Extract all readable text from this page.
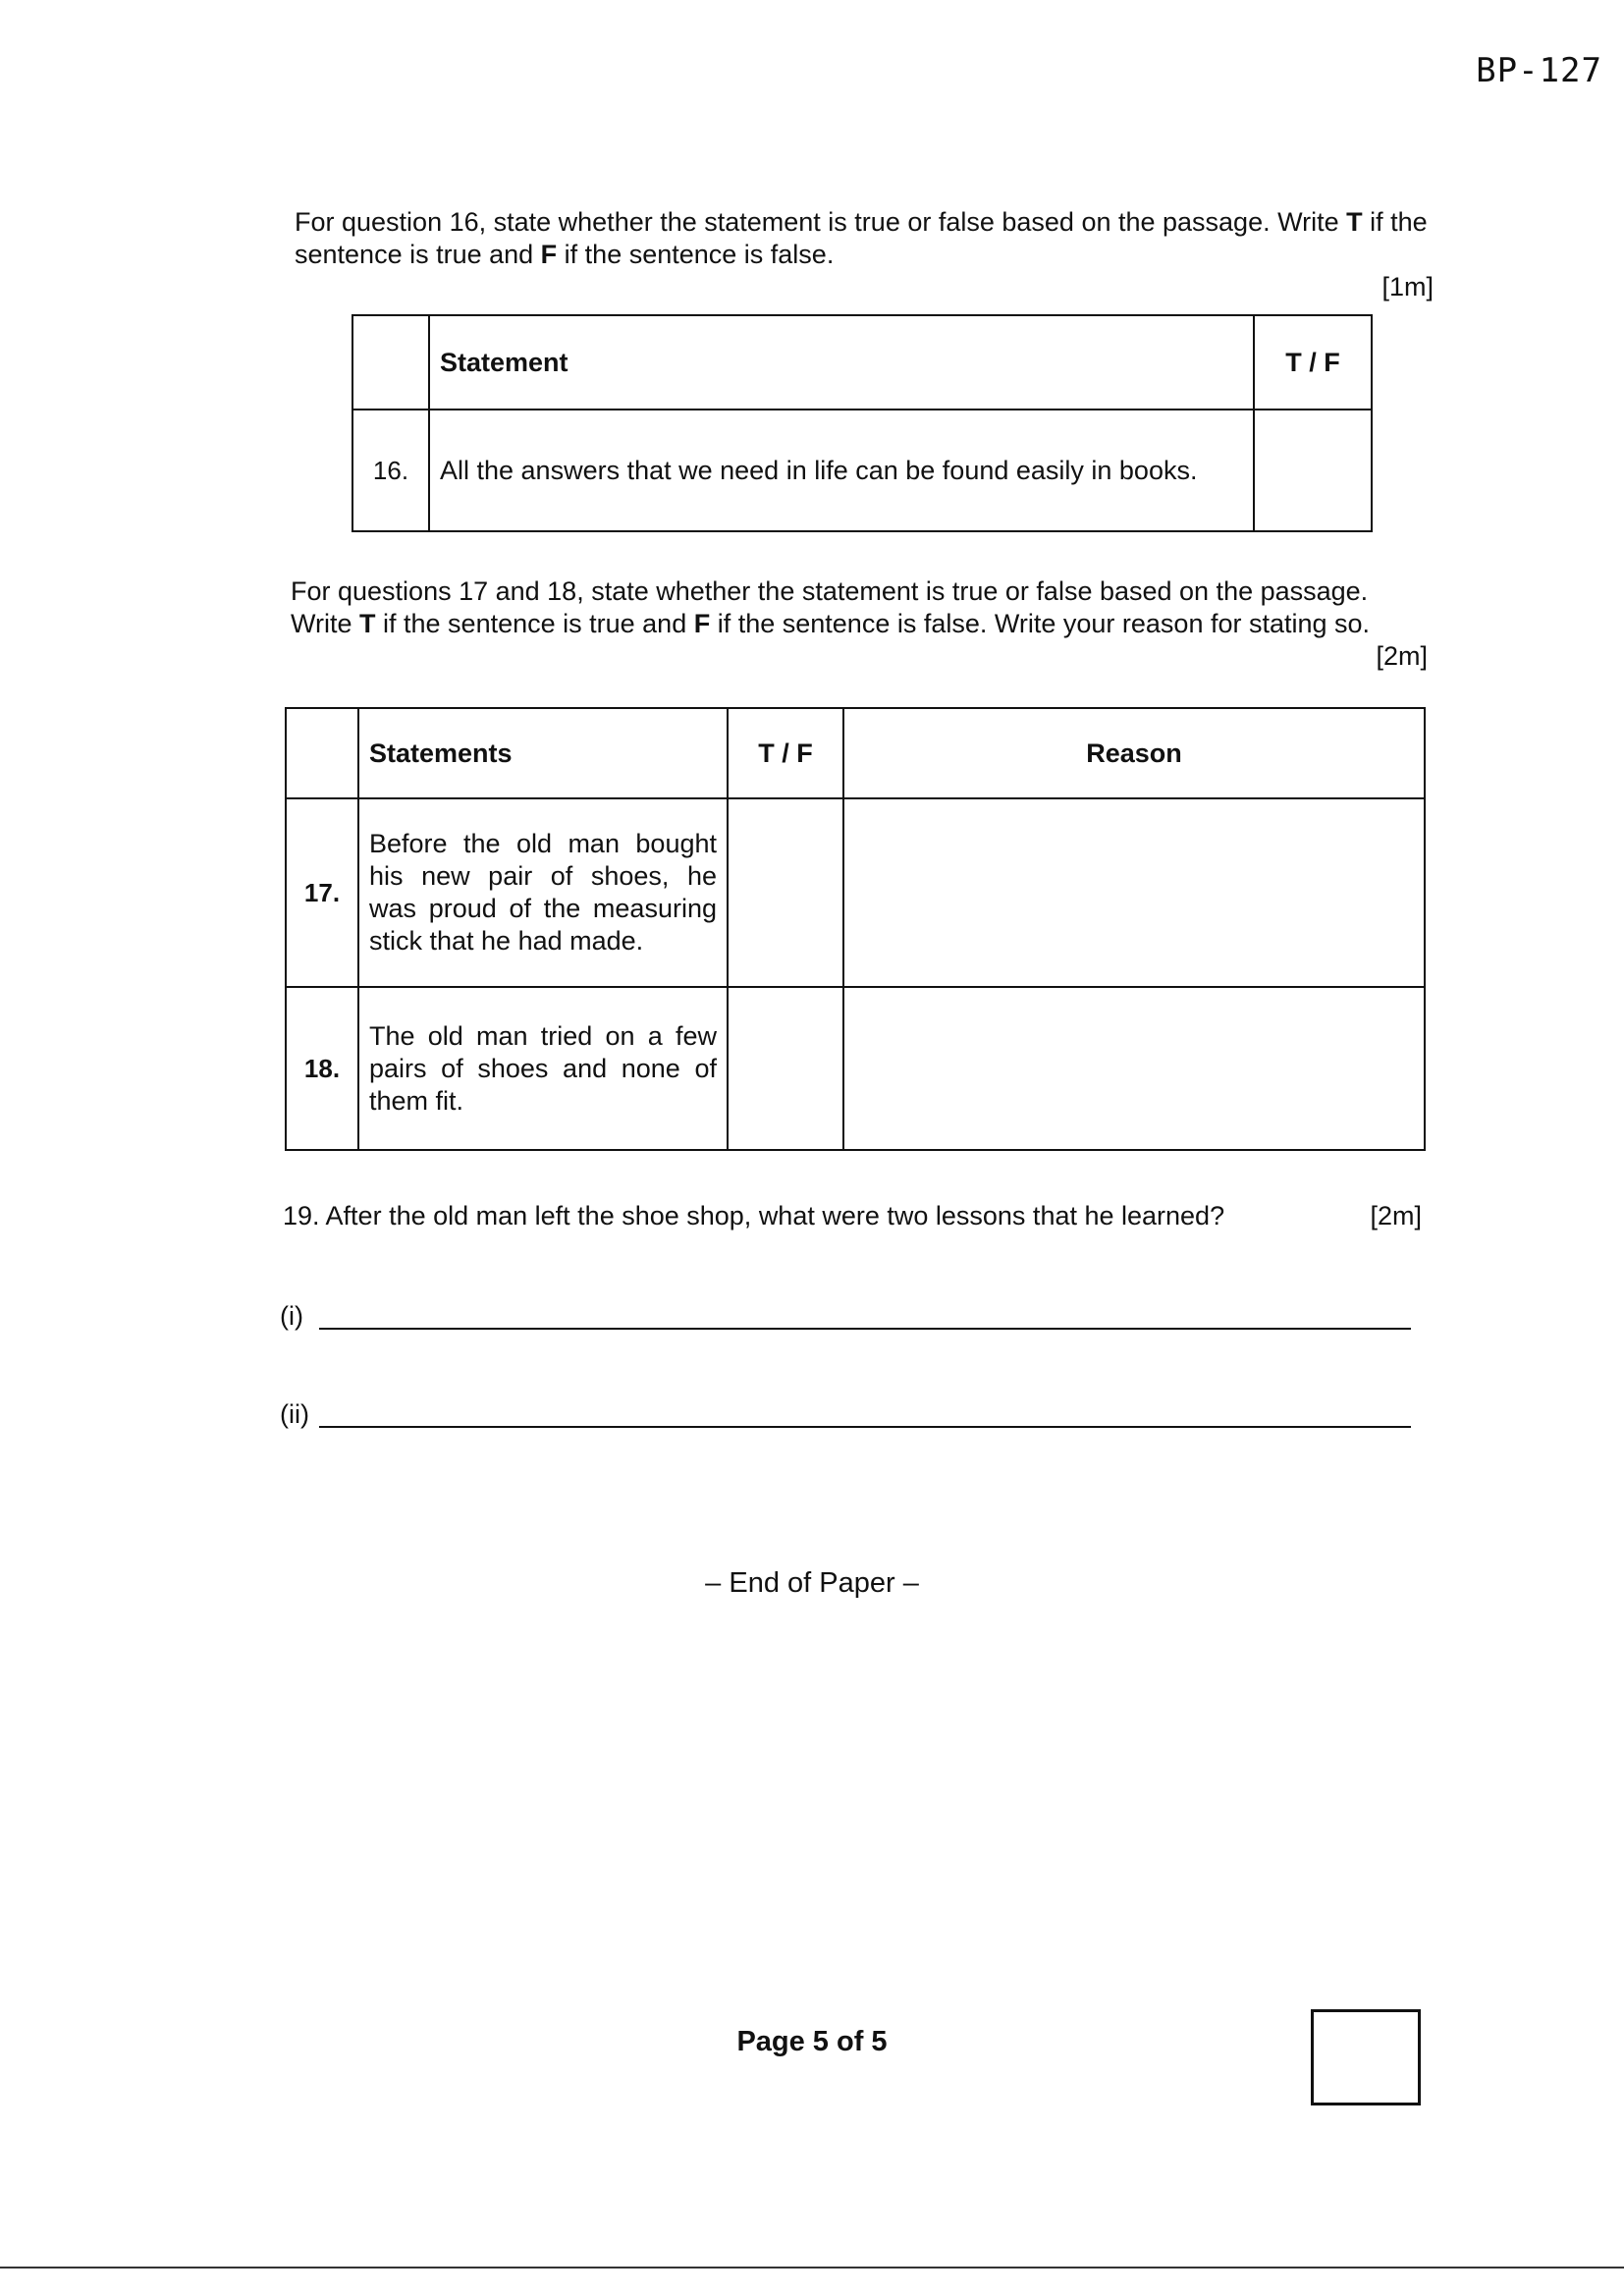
BP-127
For question 16, state whether the statement is true or false based on the passage. Write T if the sentence is true and F if the sentence is false.

[1m]
	Statement	T / F
16.	All the answers that we need in life can be found easily in books.	
For questions 17 and 18, state whether the statement is true or false based on the passage. Write T if the sentence is true and F if the sentence is false. Write your reason for stating so.

[2m]
	Statements	T / F	Reason
17.	Before the old man bought his new pair of shoes, he was proud of the measuring stick that he had made.		
18.	The old man tried on a few pairs of shoes and none of them fit.		
19. After the old man left the shoe shop, what were two lessons that he learned?	[2m]
(i)
(ii)
– End of Paper –
Page 5 of 5
